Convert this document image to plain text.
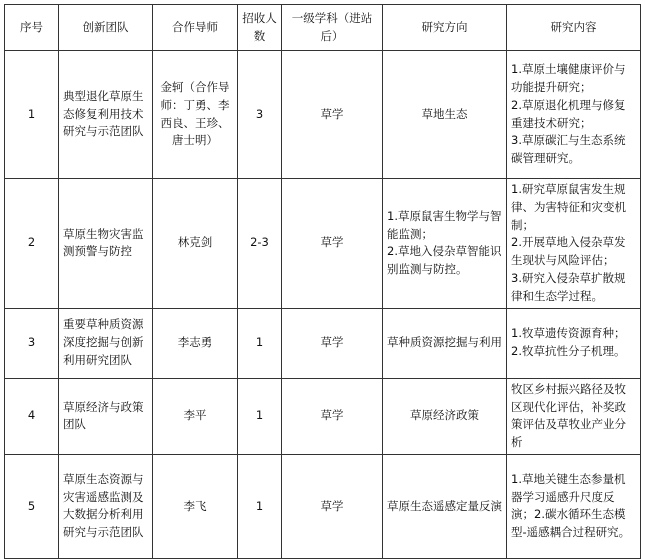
序号	创新团队	合作导师	招收人数	一级学科（进站后）	研究方向	研究内容
1	典型退化草原生态修复利用技术研究与示范团队	金轲（合作导师：丁勇、李西良、王珍、唐士明）	3	草学	草地生态	1.草原土壤健康评价与功能提升研究；
2.草原退化机理与修复重建技术研究；
3.草原碳汇与生态系统碳管理研究。

2	草原生物灾害监测预警与防控	林克剑	2-3	草学	1.草原鼠害生物学与智能监测；
2.草地入侵杂草智能识别监测与防控。	1.研究草原鼠害发生规律、为害特征和灾变机制；
2.开展草地入侵杂草发生现状与风险评估；
3.研究入侵杂草扩散规律和生态学过程。

3	重要草种质资源深度挖掘与创新利用研究团队	李志勇	1	草学	草种质资源挖掘与利用	1.牧草遗传资源育种；
2.牧草抗性分子机理。

4	草原经济与政策团队	李平	1	草学	草原经济政策	牧区乡村振兴路径及牧区现代化评估，补奖政策评估及草牧业产业分析
5	草原生态资源与灾害遥感监测及大数据分析利用研究与示范团队	李飞	1	草学	草原生态遥感定量反演	1.草地关键生态参量机器学习遥感升尺度反演；2.碳水循环生态模型-遥感耦合过程研究。
